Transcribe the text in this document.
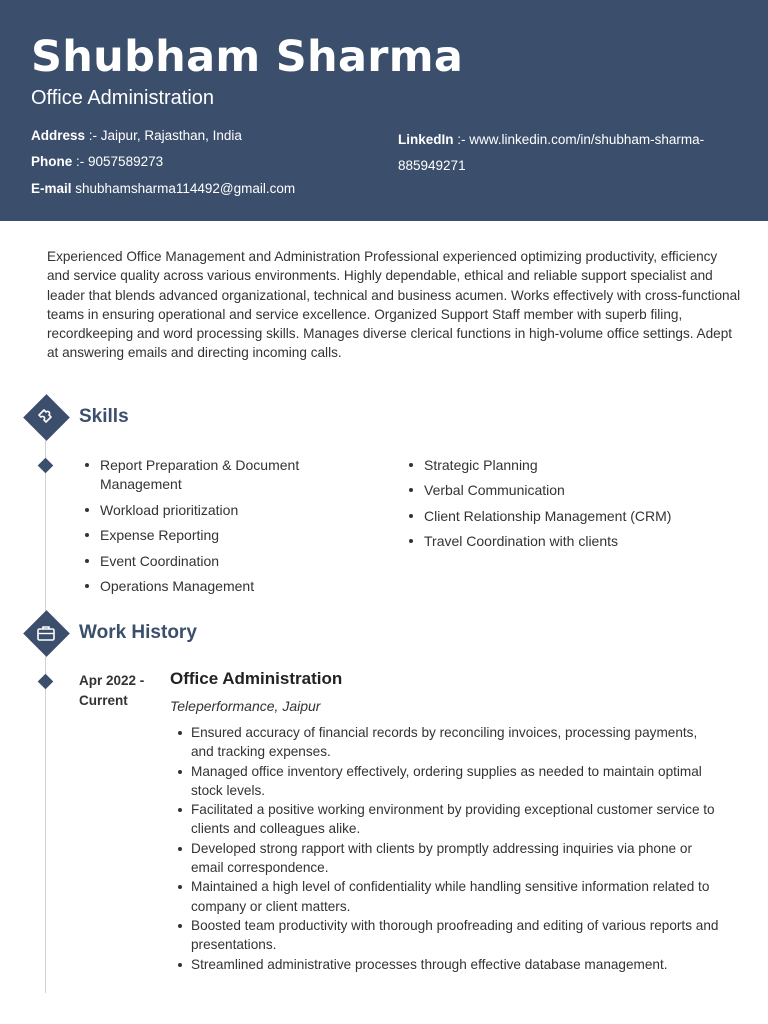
Shubham Sharma
Office Administration
Address :- Jaipur, Rajasthan, India
Phone :- 9057589273
E-mail shubhamsharma114492@gmail.com
LinkedIn :- www.linkedin.com/in/shubham-sharma-885949271

Experienced Office Management and Administration Professional experienced optimizing productivity, efficiency and service quality across various environments. Highly dependable, ethical and reliable support specialist and leader that blends advanced organizational, technical and business acumen. Works effectively with cross-functional teams in ensuring operational and service excellence. Organized Support Staff member with superb filing, recordkeeping and word processing skills. Manages diverse clerical functions in high-volume office settings. Adept at answering emails and directing incoming calls.

Skills
Report Preparation & Document Management
Workload prioritization
Expense Reporting
Event Coordination
Operations Management
Strategic Planning
Verbal Communication
Client Relationship Management (CRM)
Travel Coordination with clients
Work History
Apr 2022 - Current
Office Administration
Teleperformance, Jaipur
Ensured accuracy of financial records by reconciling invoices, processing payments, and tracking expenses.
Managed office inventory effectively, ordering supplies as needed to maintain optimal stock levels.
Facilitated a positive working environment by providing exceptional customer service to clients and colleagues alike.
Developed strong rapport with clients by promptly addressing inquiries via phone or email correspondence.
Maintained a high level of confidentiality while handling sensitive information related to company or client matters.
Boosted team productivity with thorough proofreading and editing of various reports and presentations.
Streamlined administrative processes through effective database management.
